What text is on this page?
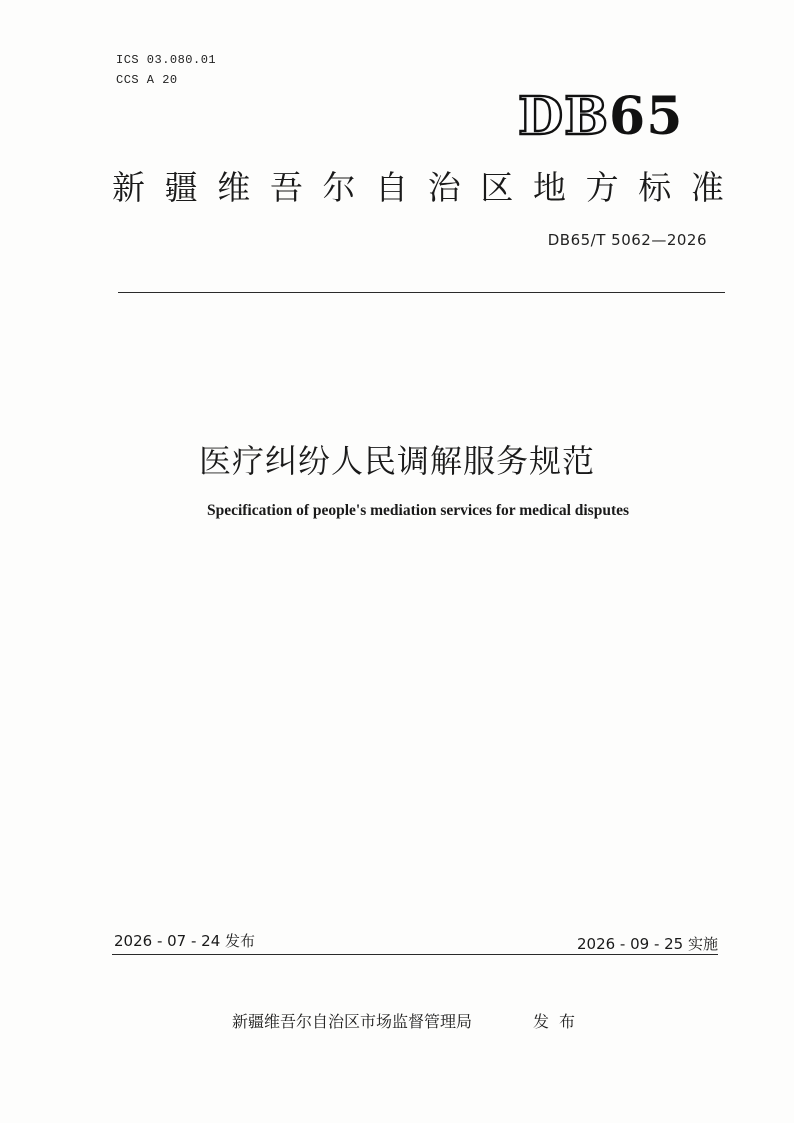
ICS 03.080.01
CCS A 20
DB65
新 疆 维 吾 尔 自 治 区 地 方 标 准
DB65/T 5062—2026
医疗纠纷人民调解服务规范
Specification of people's mediation services for medical disputes
2026 - 07 - 24 发布	2026 - 09 - 25 实施
新疆维吾尔自治区市场监督管理局	发布
